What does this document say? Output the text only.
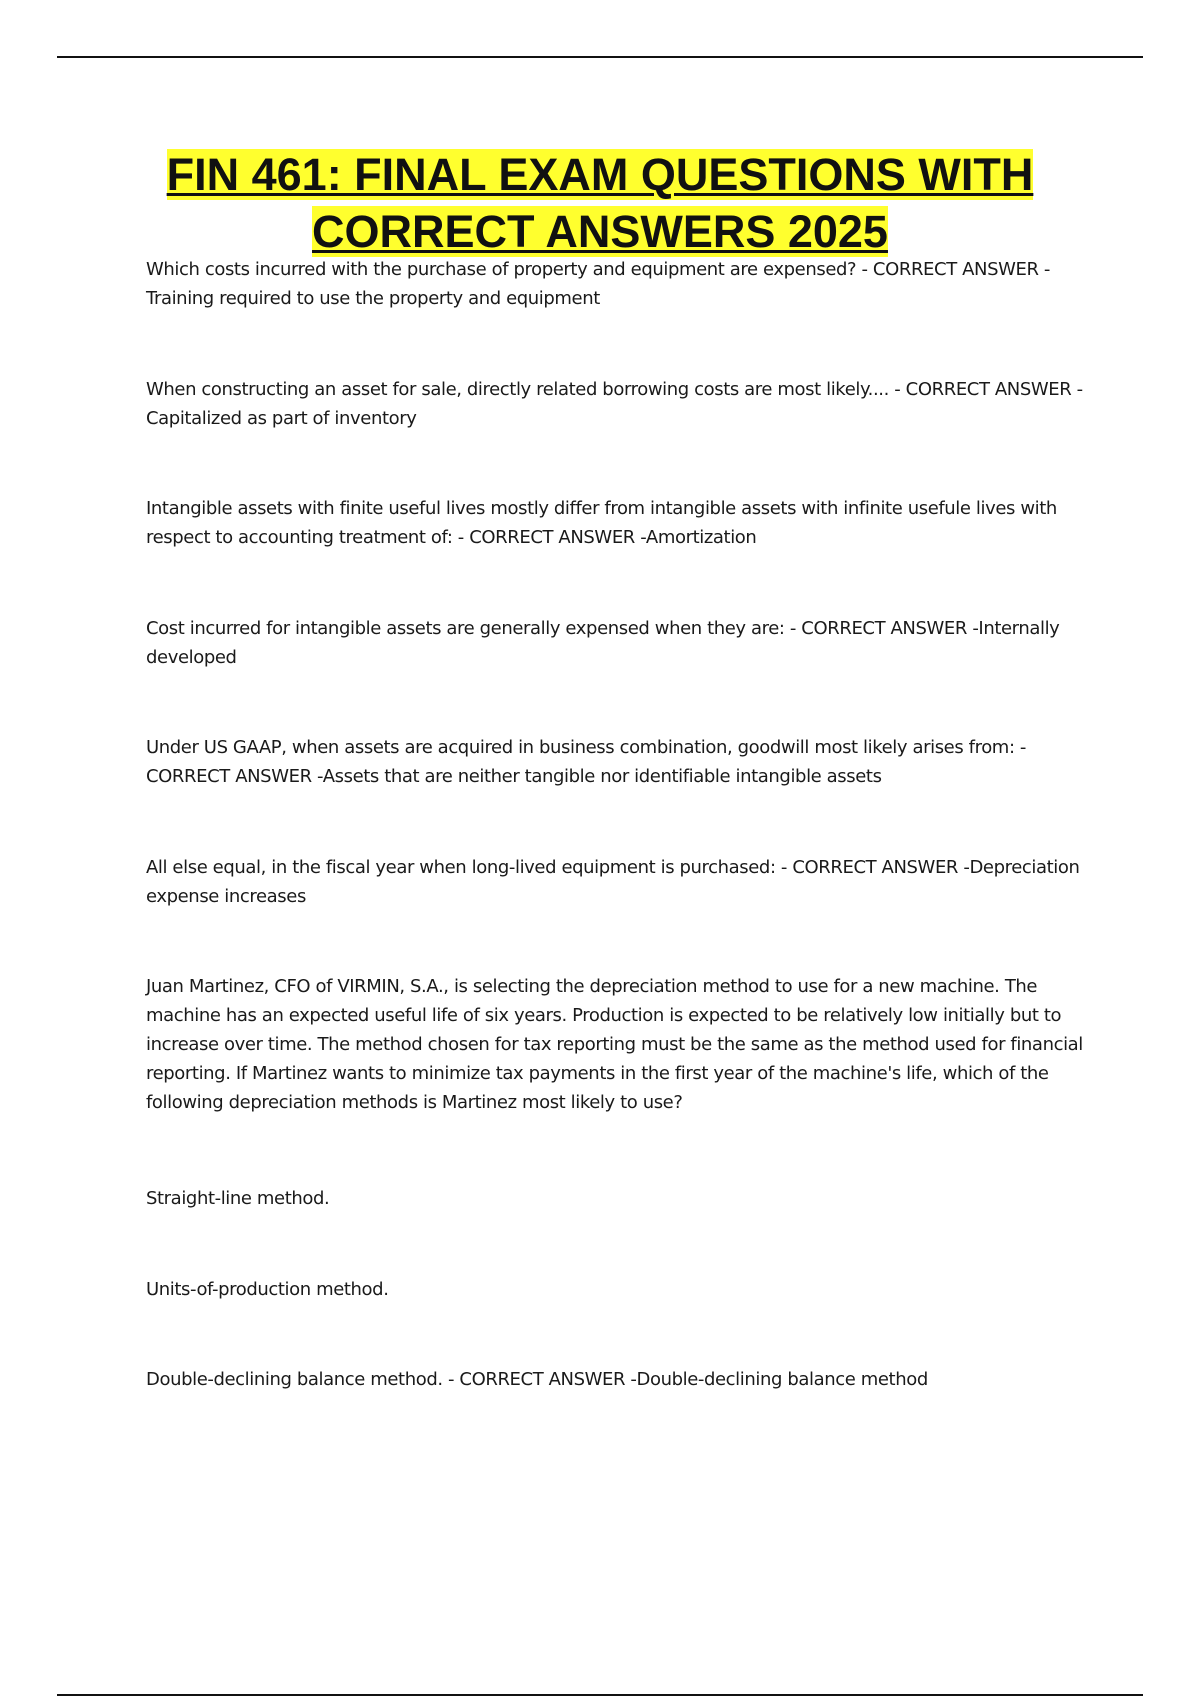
FIN 461: FINAL EXAM QUESTIONS WITH CORRECT ANSWERS 2025

Which costs incurred with the purchase of property and equipment are expensed? - CORRECT ANSWER -Training required to use the property and equipment

When constructing an asset for sale, directly related borrowing costs are most likely.... - CORRECT ANSWER -Capitalized as part of inventory

Intangible assets with finite useful lives mostly differ from intangible assets with infinite usefule lives with respect to accounting treatment of: - CORRECT ANSWER -Amortization

Cost incurred for intangible assets are generally expensed when they are: - CORRECT ANSWER -Internally developed

Under US GAAP, when assets are acquired in business combination, goodwill most likely arises from: - CORRECT ANSWER -Assets that are neither tangible nor identifiable intangible assets

All else equal, in the fiscal year when long-lived equipment is purchased: - CORRECT ANSWER -Depreciation expense increases

Juan Martinez, CFO of VIRMIN, S.A., is selecting the depreciation method to use for a new machine. The machine has an expected useful life of six years. Production is expected to be relatively low initially but to increase over time. The method chosen for tax reporting must be the same as the method used for financial reporting. If Martinez wants to minimize tax payments in the first year of the machine's life, which of the following depreciation methods is Martinez most likely to use?

Straight-line method.

Units-of-production method.

Double-declining balance method. - CORRECT ANSWER -Double-declining balance method
